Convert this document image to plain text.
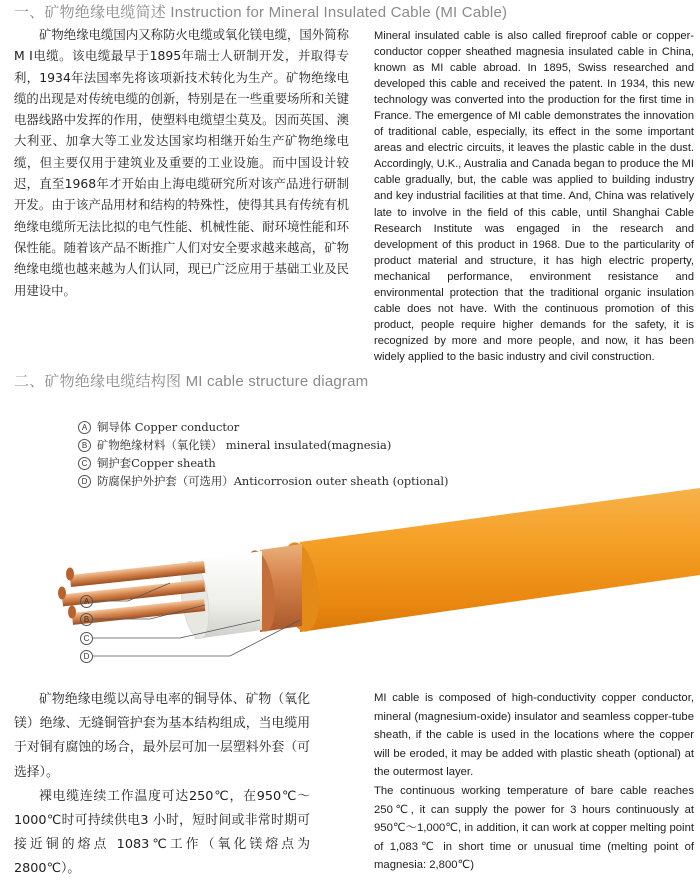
一、矿物绝缘电缆简述 Instruction for Mineral Insulated Cable (MI Cable)
矿物绝缘电缆国内又称防火电缆或氧化镁电缆，国外简称M I电缆。该电缆最早于1895年瑞士人研制开发，并取得专利，1934年法国率先将该项新技术转化为生产。矿物绝缘电缆的出现是对传统电缆的创新，特别是在一些重要场所和关键电器线路中发挥的作用，使塑料电缆望尘莫及。因而英国、澳大利亚、加拿大等工业发达国家均相继开始生产矿物绝缘电缆，但主要仅用于建筑业及重要的工业设施。而中国设计较迟，直至1968年才开始由上海电缆研究所对该产品进行研制开发。由于该产品用材和结构的特殊性，使得其具有传统有机绝缘电缆所无法比拟的电气性能、机械性能、耐环境性能和环保性能。随着该产品不断推广人们对安全要求越来越高，矿物绝缘电缆也越来越为人们认同，现已广泛应用于基础工业及民用建设中。
Mineral insulated cable is also called fireproof cable or copper-conductor copper sheathed magnesia insulated cable in China, known as MI cable abroad. In 1895, Swiss researched and developed this cable and received the patent. In 1934, this new technology was converted into the production for the first time in France. The emergence of MI cable demonstrates the innovation of traditional cable, especially, its effect in the some important areas and electric circuits, it leaves the plastic cable in the dust. Accordingly, U.K., Australia and Canada began to produce the MI cable gradually, but, the cable was applied to building industry and key industrial facilities at that time. And, China was relatively late to involve in the field of this cable, until Shanghai Cable Research Institute was engaged in the research and development of this product in 1968. Due to the particularity of product material and structure, it has high electric property, mechanical performance, environment resistance and environmental protection that the traditional organic insulation cable does not have. With the continuous promotion of this product, people require higher demands for the safety, it is recognized by more and more people, and now, it has been widely applied to the basic industry and civil construction.
二、矿物绝缘电缆结构图 MI cable structure diagram
A 铜导体 Copper conductor
B 矿物绝缘材料（氧化镁） mineral insulated(magnesia)
C 铜护套Copper sheath
D 防腐保护外护套（可选用）Anticorrosion outer sheath (optional)
A
B
C
D

矿物绝缘电缆以高导电率的铜导体、矿物（氧化镁）绝缘、无缝铜管护套为基本结构组成，当电缆用于对铜有腐蚀的场合，最外层可加一层塑料外套（可选择）。

裸电缆连续工作温度可达250℃，在950℃～1000℃时可持续供电3 小时，短时间或非常时期可接近铜的熔点 1083℃工作（氧化镁熔点为 2800℃）。

MI cable is composed of high-conductivity copper conductor, mineral (magnesium-oxide) insulator and seamless copper-tube sheath, if the cable is used in the locations where the copper will be eroded, it may be added with plastic sheath (optional) at the outermost layer.

The continuous working temperature of bare cable reaches 250℃, it can supply the power for 3 hours continuously at 950℃～1,000℃, in addition, it can work at copper melting point of 1,083℃ in short time or unusual time (melting point of magnesia: 2,800℃)
